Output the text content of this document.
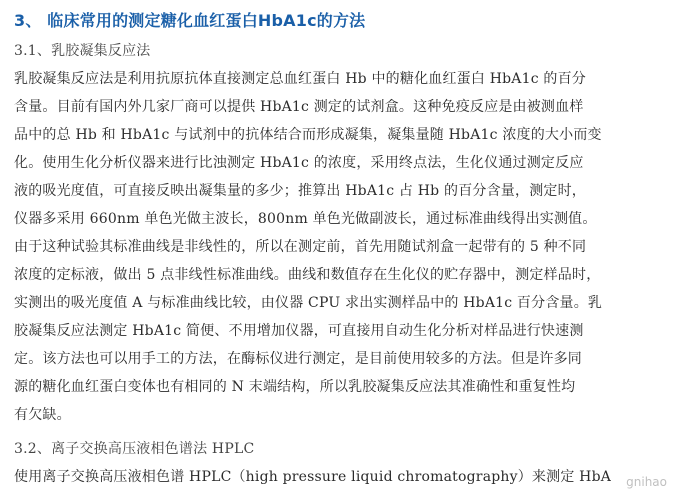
3、 临床常用的测定糖化血红蛋白HbA1c的方法
3.1、乳胶凝集反应法
乳胶凝集反应法是利用抗原抗体直接测定总血红蛋白 Hb 中的糖化血红蛋白 HbA1c 的百分
含量。目前有国内外几家厂商可以提供 HbA1c 测定的试剂盒。这种免疫反应是由被测血样
品中的总 Hb 和 HbA1c 与试剂中的抗体结合而形成凝集，凝集量随 HbA1c 浓度的大小而变
化。使用生化分析仪器来进行比浊测定 HbA1c 的浓度，采用终点法，生化仪通过测定反应
液的吸光度值，可直接反映出凝集量的多少；推算出 HbA1c 占 Hb 的百分含量，测定时，
仪器多采用 660nm 单色光做主波长，800nm 单色光做副波长，通过标准曲线得出实测值。
由于这种试验其标准曲线是非线性的，所以在测定前，首先用随试剂盒一起带有的 5 种不同
浓度的定标液，做出 5 点非线性标准曲线。曲线和数值存在生化仪的贮存器中，测定样品时，
实测出的吸光度值 A 与标准曲线比较，由仪器 CPU 求出实测样品中的 HbA1c 百分含量。乳
胶凝集反应法测定 HbA1c 简便、不用增加仪器，可直接用自动生化分析对样品进行快速测
定。该方法也可以用手工的方法，在酶标仪进行测定，是目前使用较多的方法。但是许多同
源的糖化血红蛋白变体也有相同的 N 末端结构，所以乳胶凝集反应法其准确性和重复性均
有欠缺。
3.2、离子交换高压液相色谱法 HPLC
使用离子交换高压液相色谱 HPLC（high pressure liquid chromatography）来测定 HbA gnihao
